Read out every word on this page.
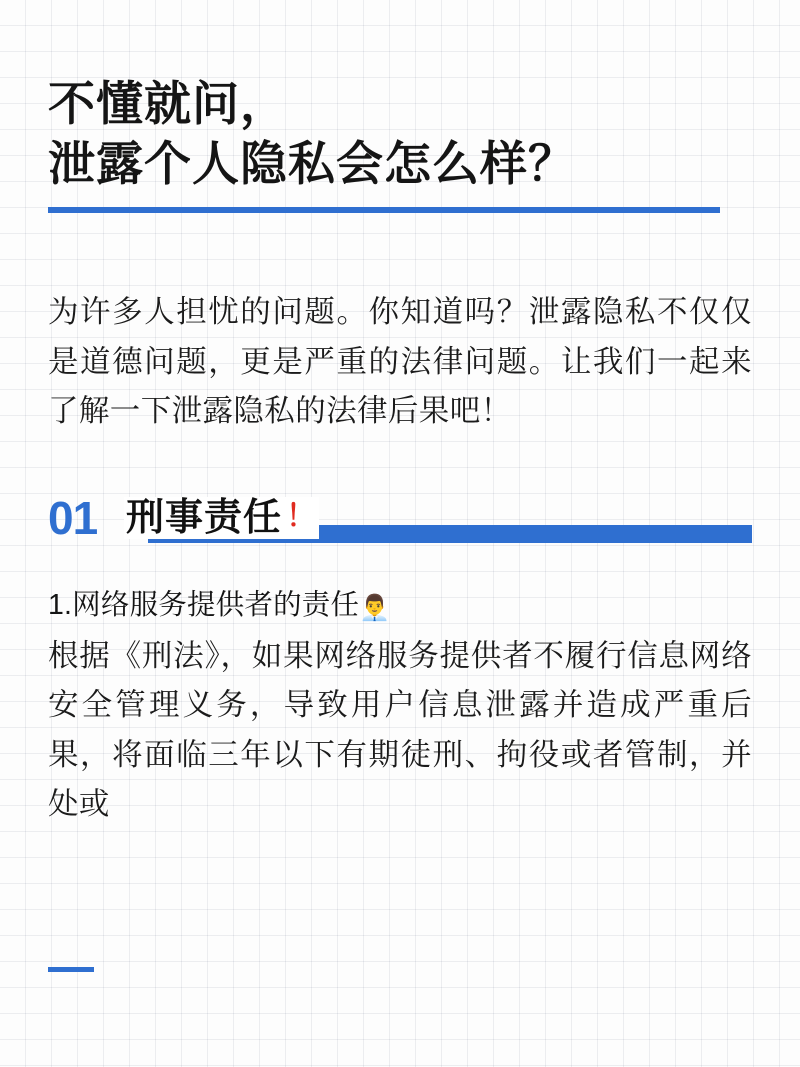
不懂就问，
泄露个人隐私会怎么样？
为许多人担忧的问题。你知道吗？泄露隐私不仅仅是道德问题，更是严重的法律问题。让我们一起来了解一下泄露隐私的法律后果吧！
01 刑事责任 ！
1.网络服务提供者的责任👨‍💼
根据《刑法》，如果网络服务提供者不履行信息网络安全管理义务，导致用户信息泄露并造成严重后果，将面临三年以下有期徒刑、拘役或者管制，并处或
